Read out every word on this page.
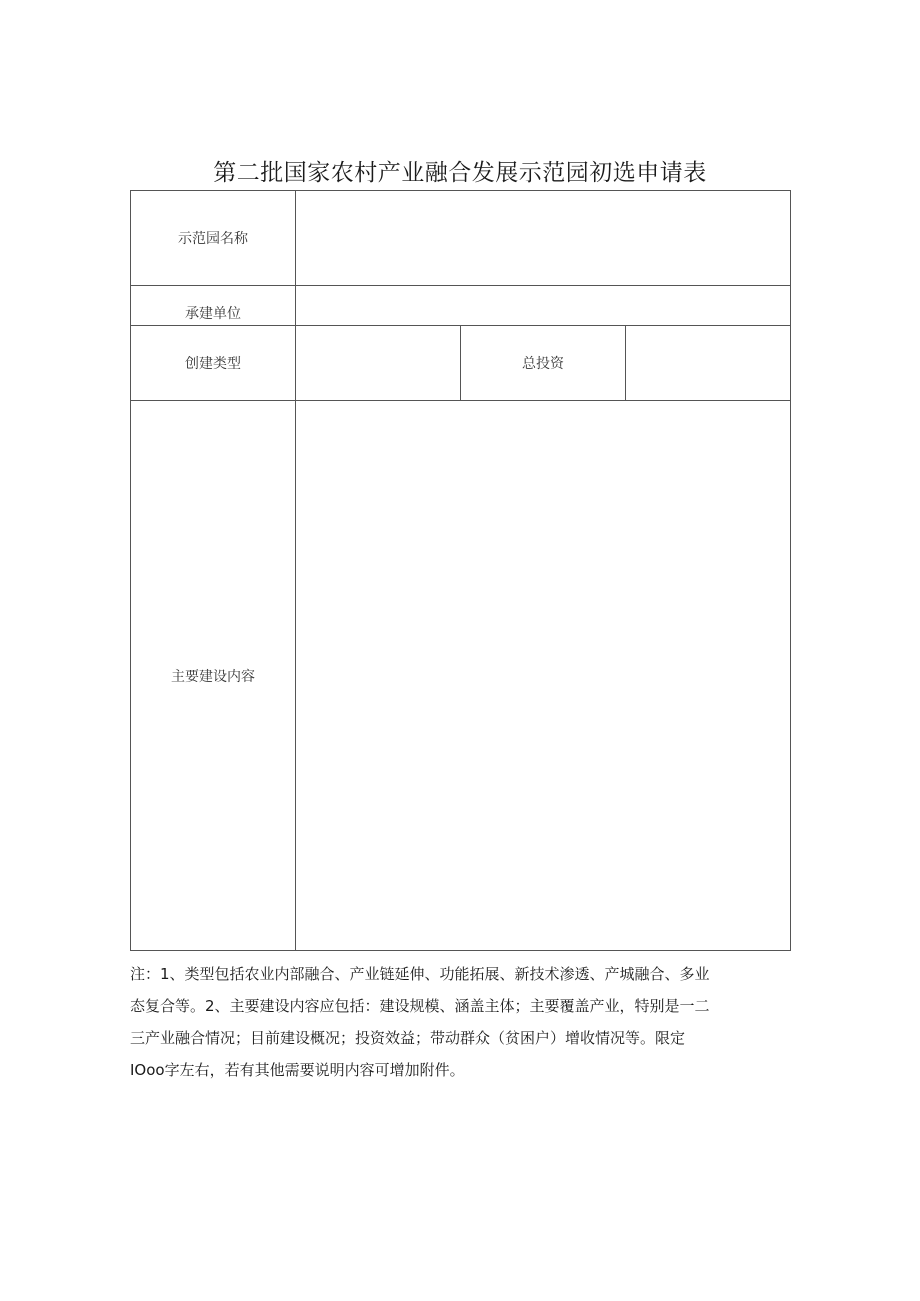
第二批国家农村产业融合发展示范园初选申请表
示范园名称			
承建单位			
创建类型		总投资	
主要建设内容			

注：1、类型包括农业内部融合、产业链延伸、功能拓展、新技术渗透、产城融合、多业

态复合等。2、主要建设内容应包括：建设规模、涵盖主体；主要覆盖产业，特别是一二

三产业融合情况；目前建设概况；投资效益；带动群众（贫困户）增收情况等。限定

IOoo字左右，若有其他需要说明内容可增加附件。
